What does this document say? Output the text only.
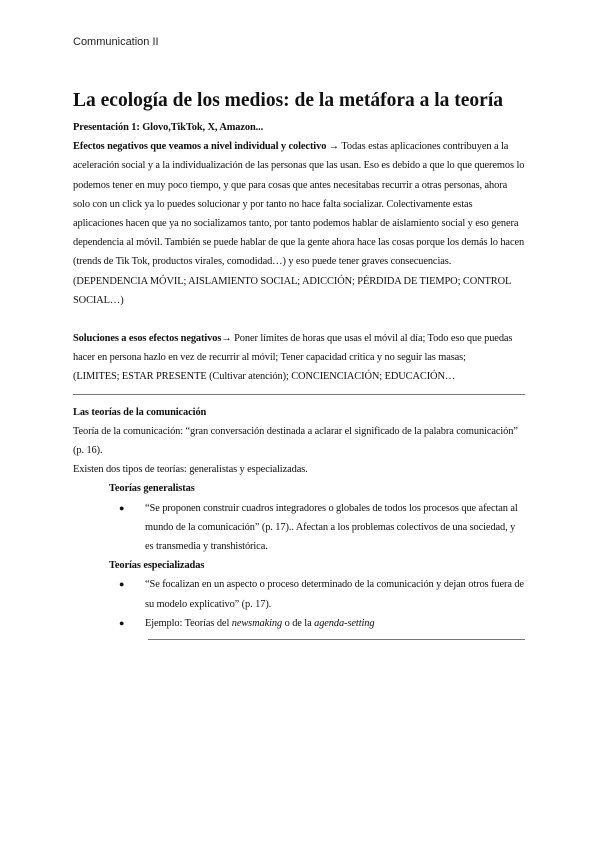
Communication II
La ecología de los medios: de la metáfora a la teoría

Presentación 1: Glovo,TikTok, X, Amazon...

Efectos negativos que veamos a nivel individual y colectivo → Todas estas aplicaciones contribuyen a la aceleración social y a la individualización de las personas que las usan. Eso es debido a que lo que queremos lo podemos tener en muy poco tiempo, y que para cosas que antes necesitabas recurrir a otras personas, ahora solo con un click ya lo puedes solucionar y por tanto no hace falta socializar. Colectivamente estas aplicaciones hacen que ya no socializamos tanto, por tanto podemos hablar de aislamiento social y eso genera dependencia al móvil. También se puede hablar de que la gente ahora hace las cosas porque los demás lo hacen (trends de Tik Tok, productos virales, comodidad…) y eso puede tener graves consecuencias.

(DEPENDENCIA MÓVIL; AISLAMIENTO SOCIAL; ADICCIÓN; PÉRDIDA DE TIEMPO; CONTROL SOCIAL…)

Soluciones a esos efectos negativos→ Poner límites de horas que usas el móvil al día; Todo eso que puedas hacer en persona hazlo en vez de recurrir al móvil; Tener capacidad crítica y no seguir las masas;

(LIMITES; ESTAR PRESENTE (Cultivar atención); CONCIENCIACIÓN; EDUCACIÓN…

Las teorías de la comunicación

Teoría de la comunicación: “gran conversación destinada a aclarar el significado de la palabra comunicación” (p. 16).

Existen dos tipos de teorías: generalistas y especializadas.

Teorías generalistas

● “Se proponen construir cuadros integradores o globales de todos los procesos que afectan al mundo de la comunicación” (p. 17).. Afectan a los problemas colectivos de una sociedad, y es transmedia y transhistórica.

Teorías especializadas

● “Se focalizan en un aspecto o proceso determinado de la comunicación y dejan otros fuera de su modelo explicativo” (p. 17).
● Ejemplo: Teorías del newsmaking o de la agenda-setting
